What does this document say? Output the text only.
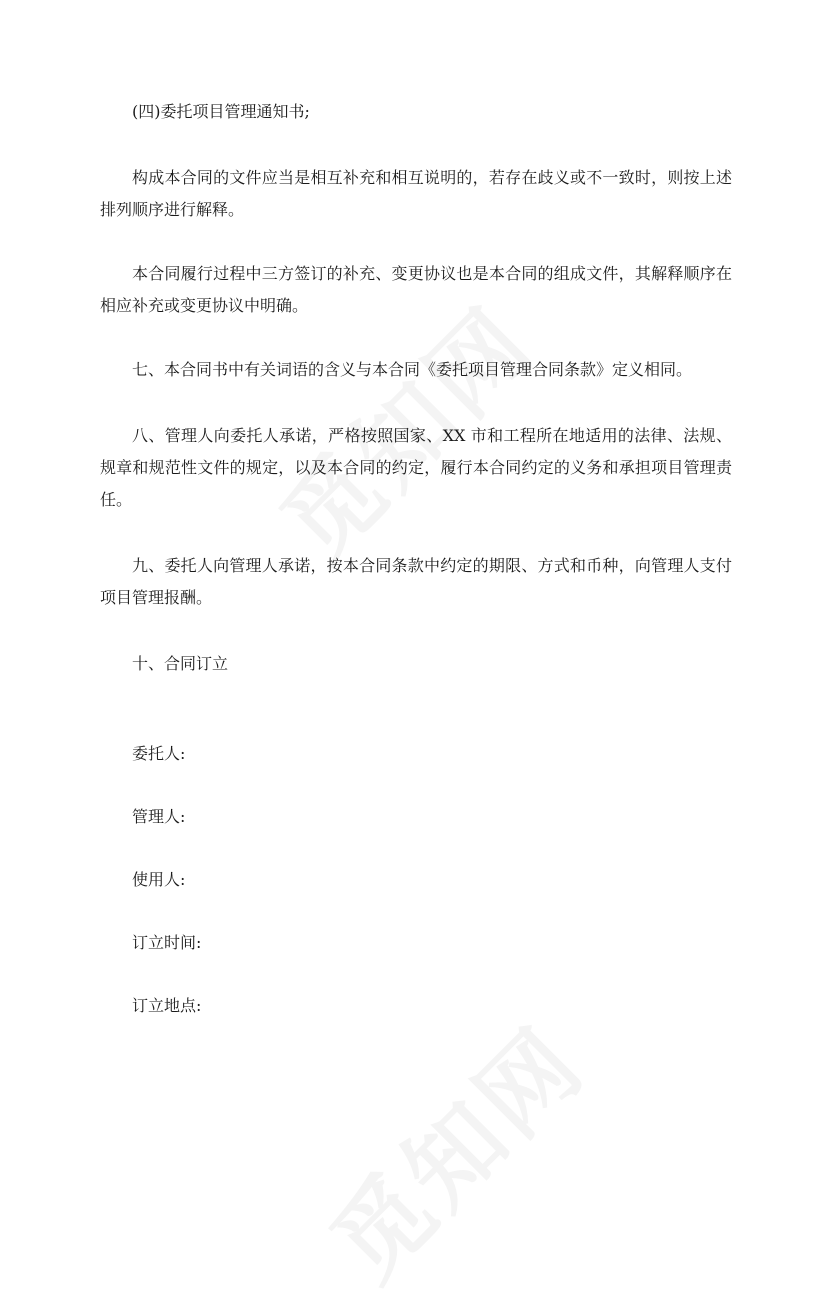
(四)委托项目管理通知书;

构成本合同的文件应当是相互补充和相互说明的，若存在歧义或不一致时，则按上述排列顺序进行解释。

本合同履行过程中三方签订的补充、变更协议也是本合同的组成文件，其解释顺序在相应补充或变更协议中明确。

七、本合同书中有关词语的含义与本合同《委托项目管理合同条款》定义相同。

八、管理人向委托人承诺，严格按照国家、XX 市和工程所在地适用的法律、法规、规章和规范性文件的规定，以及本合同的约定，履行本合同约定的义务和承担项目管理责任。

九、委托人向管理人承诺，按本合同条款中约定的期限、方式和币种，向管理人支付项目管理报酬。

十、合同订立

委托人:

管理人:

使用人:

订立时间:

订立地点:
